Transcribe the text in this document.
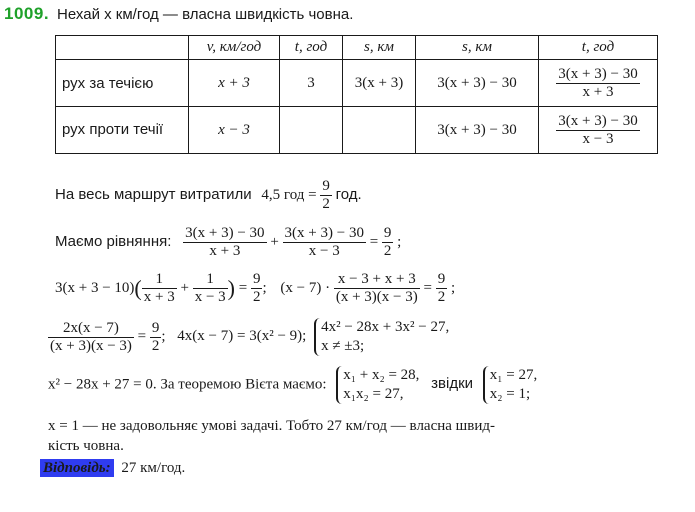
1009. Нехай x км/год — власна швидкість човна.
	v, км/год	t, год	s, км	s, км	t, год
рух за течією	x + 3	3	3(x + 3)	3(x + 3) − 30	$\frac{3(x + 3) - 30}{x + 3}$

рух проти течії	x − 3			3(x + 3) − 30	$\frac{3(x + 3) - 30}{x - 3}$
На весь маршрут витратили 4,5 год = $\frac{9}{2}$ год.
Маємо рівняння: $\frac{3(x + 3) - 30}{x + 3} + \frac{3(x + 3) - 30}{x - 3} = \frac{9}{2}$ ;
$3(x + 3 - 10)( \frac{1}{x + 3} + \frac{1}{x - 3}$ ) = $\frac{9}{2}$ ; $(x - 7) \cdot \frac{x - 3 + x + 3}{(x + 3)(x - 3)} = \frac{9}{2}$ ;
$\frac{2x(x - 7)}{(x + 3)(x - 3)} = \frac{9}{2}$ ; 4x(x − 7) = 3(x² − 9);
4x² − 28x + 3x² − 27,
x ≠ ±3;
x² − 28x + 27 = 0. За теоремою Вієта маємо:
x₁ + x₂ = 28,
x₁x₂ = 27,
звідки
x₁ = 27,
x₂ = 1;
x = 1 — не задовольняє умові задачі. Тобто 27 км/год — власна швид-
кість човна.
Відповідь: 27 км/год.
